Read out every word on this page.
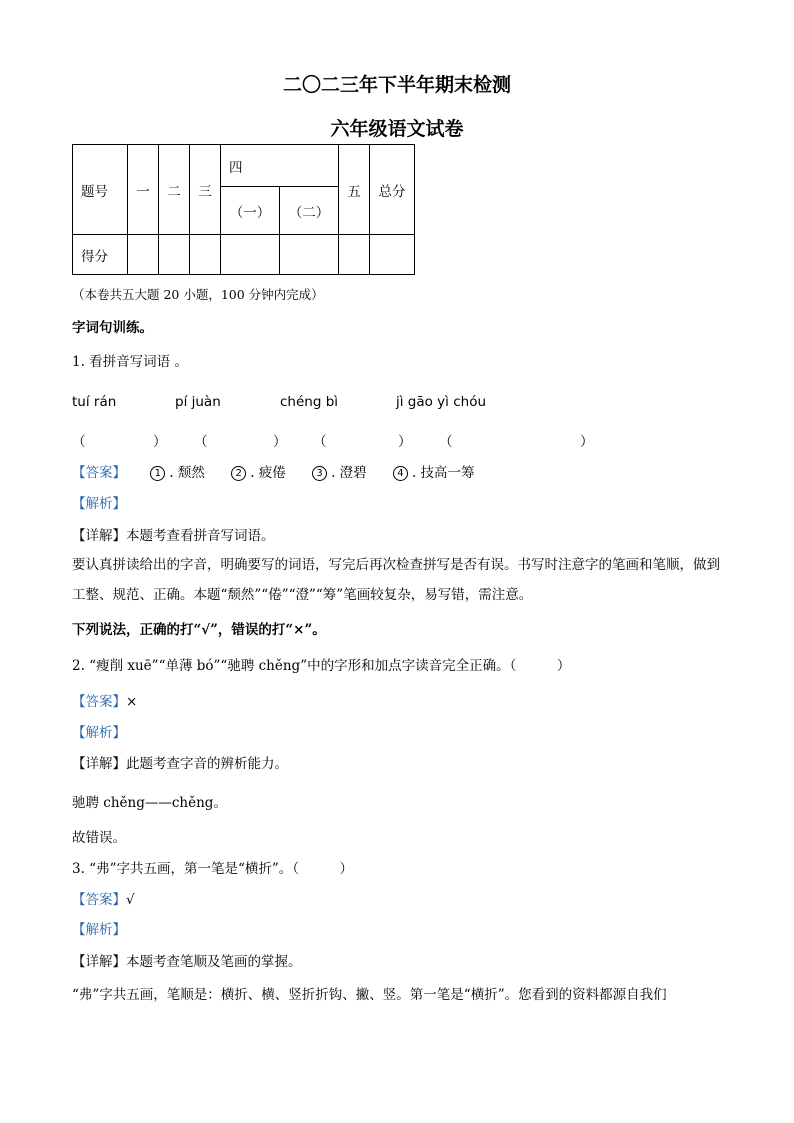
二〇二三年下半年期末检测
六年级语文试卷
题号	一	二	三	四		五	总分
				（一）	（二）		
得分							
（本卷共五大题 20 小题，100 分钟内完成）
字词句训练。
1. 看拼音写词语 。
tuí rán	pí juàn	chéng bì	jì gāo yì chóu
（	） （	） （	） （	）
【答案】	1 . 颓然	2 . 疲倦	3 . 澄碧	4 . 技高一筹
【解析】
【详解】本题考查看拼音写词语。
要认真拼读给出的字音，明确要写的词语，写完后再次检查拼写是否有误。书写时注意字的笔画和笔顺，做到工整、规范、正确。本题“颓然”“倦”“澄”“筹”笔画较复杂，易写错，需注意。
下列说法，正确的打“√”，错误的打“×”。
2. “瘦削 xuē”“单薄 bó”“驰聘 chěng”中的字形和加点字读音完全正确。（　　　）
【答案】×
【解析】
【详解】此题考查字音的辨析能力。
驰聘 chěng——chěng。
故错误。
3. “弗”字共五画，第一笔是“横折”。（　　　）
【答案】√
【解析】
【详解】本题考查笔顺及笔画的掌握。
“弗”字共五画，笔顺是：横折、横、竖折折钩、撇、竖。第一笔是“横折”。您看到的资料都源自我们
